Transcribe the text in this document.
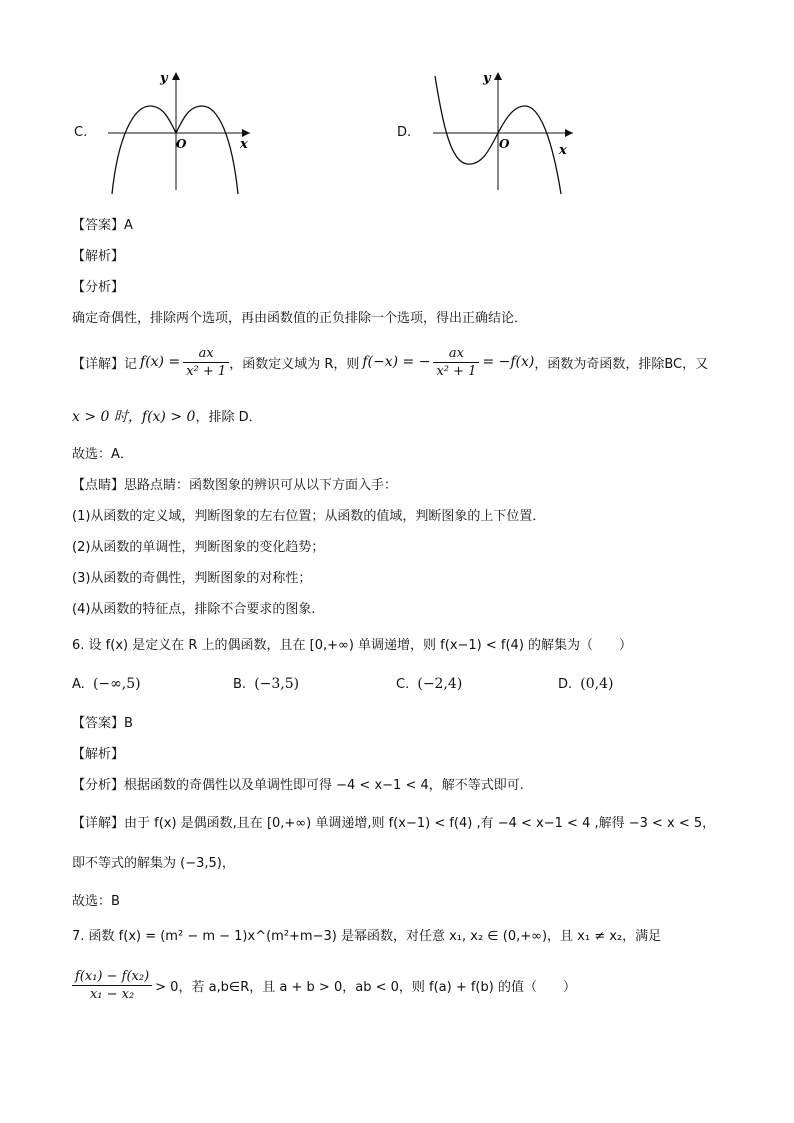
C.
y
x
O
D.
y
x
O
【答案】A
【解析】
【分析】
确定奇偶性，排除两个选项，再由函数值的正负排除一个选项，得出正确结论．
【详解】记 $f(x) = \frac{ax}{\text{x² + 1}}$ ，函数定义域为 R，则 f(−x) = − $\frac{ax}{\text{x² + 1}} = -f(x)$ ，函数为奇函数，排除BC，又
x > 0 时，f(x) > 0，排除 D．
故选：A．
【点睛】思路点睛：函数图象的辨识可从以下方面入手：
(1)从函数的定义域，判断图象的左右位置；从函数的值域，判断图象的上下位置．
(2)从函数的单调性，判断图象的变化趋势；
(3)从函数的奇偶性，判断图象的对称性；
(4)从函数的特征点，排除不合要求的图象.
6. 设 f(x) 是定义在 R 上的偶函数，且在 [0,+∞) 单调递增，则 f(x−1) < f(4) 的解集为（　　）
A. (−∞,5)	B. (−3,5)	C. (−2,4)	D. (0,4)
【答案】B
【解析】
【分析】根据函数的奇偶性以及单调性即可得 −4 < x−1 < 4，解不等式即可.
【详解】由于 f(x) 是偶函数,且在 [0,+∞) 单调递增,则 f(x−1) < f(4) ,有 −4 < x−1 < 4 ,解得 −3 < x < 5，
即不等式的解集为 (−3,5)，
故选：B
7. 函数 f(x) = (m² − m − 1)x^(m²+m−3) 是幂函数，对任意 x₁, x₂ ∈ (0,+∞)，且 x₁ ≠ x₂，满足
$\frac{\text{f(x₁) − f(x₂)}}{\text{x₁ − x₂}} > 0$，若 a,b∈R，且 a + b > 0，ab < 0，则 f(a) + f(b) 的值（　　）
